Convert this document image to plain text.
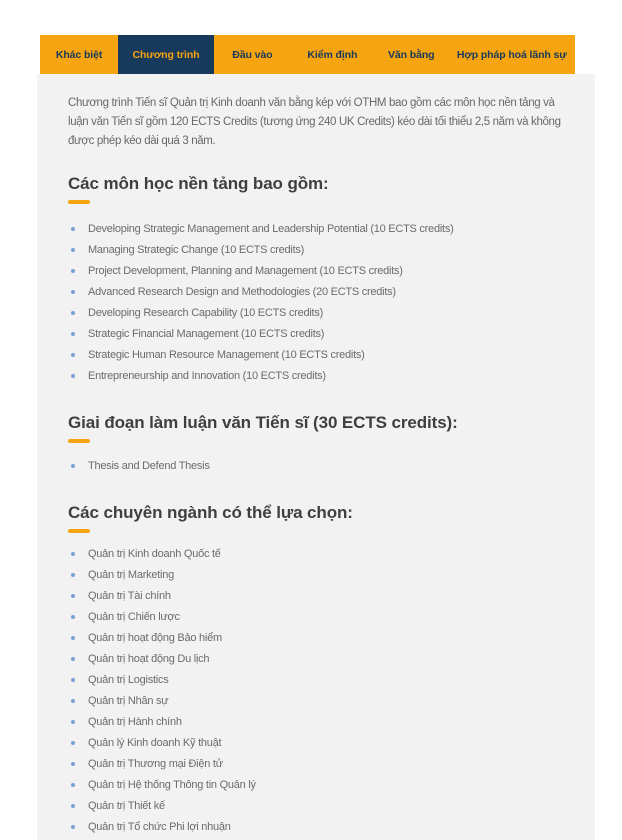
Khác biệt	Chương trình	Đầu vào	Kiểm định	Văn bằng Hợp pháp hoá lãnh sự

Chương trình Tiến sĩ Quản trị Kinh doanh văn bằng kép với OTHM bao gồm các môn học nền tảng và luận văn Tiến sĩ gồm 120 ECTS Credits (tương ứng 240 UK Credits) kéo dài tối thiểu 2,5 năm và không được phép kéo dài quá 3 năm.

Các môn học nền tảng bao gồm:
Developing Strategic Management and Leadership Potential (10 ECTS credits)
Managing Strategic Change (10 ECTS credits)
Project Development, Planning and Management (10 ECTS credits)
Advanced Research Design and Methodologies (20 ECTS credits)
Developing Research Capability (10 ECTS credits)
Strategic Financial Management (10 ECTS credits)
Strategic Human Resource Management (10 ECTS credits)
Entrepreneurship and Innovation (10 ECTS credits)
Giai đoạn làm luận văn Tiến sĩ (30 ECTS credits):
Thesis and Defend Thesis
Các chuyên ngành có thể lựa chọn:
Quản trị Kinh doanh Quốc tế
Quản trị Marketing
Quản trị Tài chính
Quản trị Chiến lược
Quản trị hoạt động Bảo hiểm
Quản trị hoạt động Du lịch
Quản trị Logistics
Quản trị Nhân sự
Quản trị Hành chính
Quản lý Kinh doanh Kỹ thuật
Quản trị Thương mại Điện tử
Quản trị Hệ thống Thông tin Quản lý
Quản trị Thiết kế
Quản trị Tổ chức Phi lợi nhuận
